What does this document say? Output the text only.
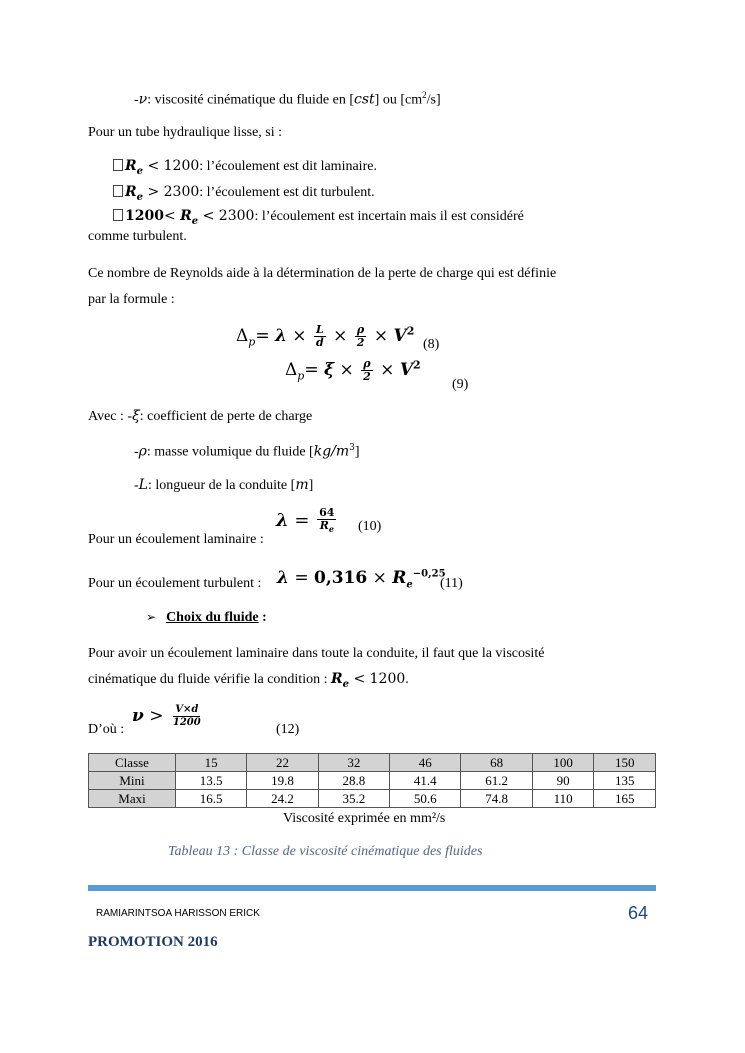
-ν: viscosité cinématique du fluide en [cst] ou $[cm^2/s]$
Pour un tube hydraulique lisse, si :
$R_e < 1200$: l’écoulement est dit laminaire.
$R_e > 2300$: l’écoulement est dit turbulent.
$1200< R_e < 2300$: l’écoulement est incertain mais il est considéré
comme turbulent.
Ce nombre de Reynolds aide à la détermination de la perte de charge qui est définie
par la formule :
$\Delta_p= \lambda \times \frac{L}{d} \times \frac{\rho}{2} \times V^2$
(8)
$\Delta_p= \xi \times \frac{\rho}{2} \times V^2$
(9)
Avec : -ξ: coefficient de perte de charge
-ρ: masse volumique du fluide $[kg/m^3]$
-L: longueur de la conduite [m]
Pour un écoulement laminaire :
$\lambda = \frac{64}{R_e} (10)$
Pour un écoulement turbulent : $\lambda = 0,316 \times R_e^{-0,25}$
(11)
➢ Choix du fluide :
Pour avoir un écoulement laminaire dans toute la conduite, il faut que la viscosité
cinématique du fluide vérifie la condition : $R_e < 1200$.
D’où :
$\nu > \frac{V\times d}{1200}$
(12)
Classe	15	22	32	46	68	100	150
Mini	13.5	19.8	28.8	41.4	61.2	90	135
Maxi	16.5	24.2	35.2	50.6	74.8	110	165
Viscosité exprimée en mm²/s
Tableau 13 : Classe de viscosité cinématique des fluides
RAMIARINTSOA HARISSON ERICK	64
PROMOTION 2016
